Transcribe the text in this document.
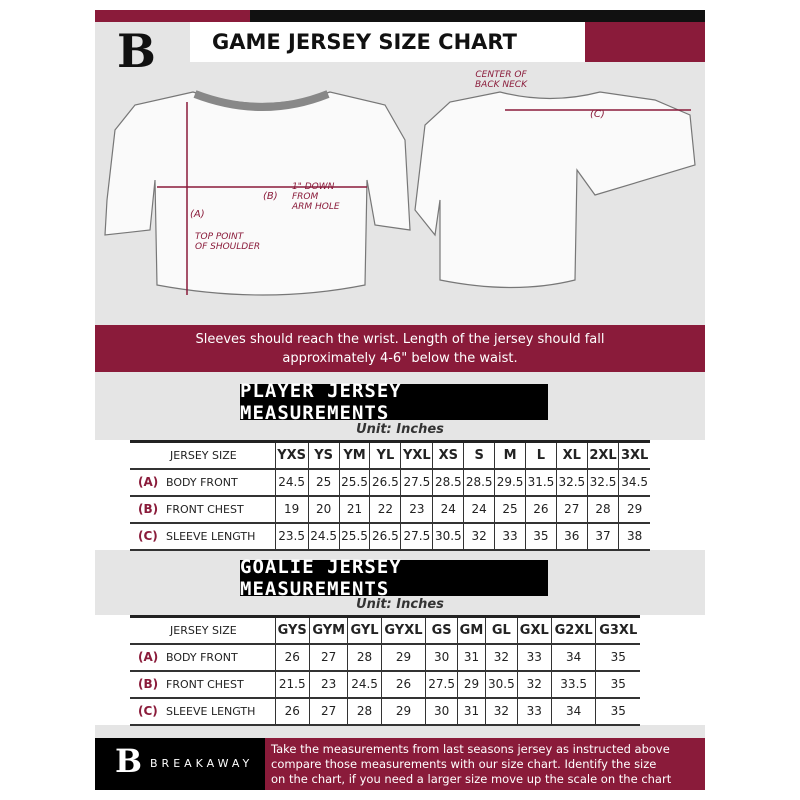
B	GAME JERSEY SIZE CHART
(A)
TOP POINT
OF SHOULDER
(B)
1" DOWN
FROM
ARM HOLE
(C)
CENTER OF
BACK NECK
Sleeves should reach the wrist. Length of the jersey should fall
approximately 4-6" below the waist.
PLAYER JERSEY MEASUREMENTS
Unit: Inches
JERSEY SIZE	YXS	YS	YM	YL	YXL	XS	S	M	L	XL	2XL	3XL
(A) BODY FRONT	24.5	25	25.5	26.5	27.5	28.5	28.5	29.5	31.5	32.5	32.5	34.5
(B) FRONT CHEST	19	20	21	22	23	24	24	25	26	27	28	29
(C) SLEEVE LENGTH	23.5	24.5	25.5	26.5	27.5	30.5	32	33	35	36	37	38
GOALIE JERSEY MEASUREMENTS
Unit: Inches
JERSEY SIZE	GYS	GYM	GYL	GYXL	GS	GM	GL	GXL	G2XL	G3XL
(A) BODY FRONT	26	27	28	29	30	31	32	33	34	35
(B) FRONT CHEST	21.5	23	24.5	26	27.5	29	30.5	32	33.5	35
(C) SLEEVE LENGTH	26	27	28	29	30	31	32	33	34	35
B BREAKAWAY
Take the measurements from last seasons jersey as instructed above
compare those measurements with our size chart. Identify the size
on the chart, if you need a larger size move up the scale on the chart
